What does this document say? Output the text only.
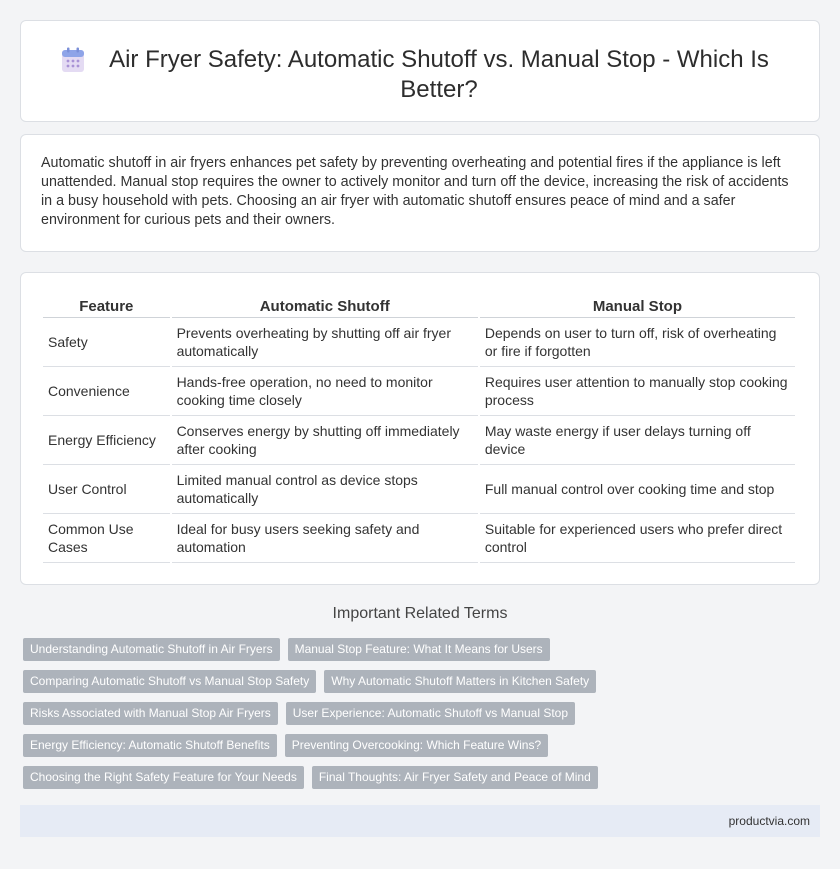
Air Fryer Safety: Automatic Shutoff vs. Manual Stop - Which Is Better?

Automatic shutoff in air fryers enhances pet safety by preventing overheating and potential fires if the appliance is left unattended. Manual stop requires the owner to actively monitor and turn off the device, increasing the risk of accidents in a busy household with pets. Choosing an air fryer with automatic shutoff ensures peace of mind and a safer environment for curious pets and their owners.

Feature	Automatic Shutoff	Manual Stop
Safety	Prevents overheating by shutting off air fryer automatically	Depends on user to turn off, risk of overheating or fire if forgotten
Convenience	Hands-free operation, no need to monitor cooking time closely	Requires user attention to manually stop cooking process
Energy Efficiency	Conserves energy by shutting off immediately after cooking	May waste energy if user delays turning off device
User Control	Limited manual control as device stops automatically	Full manual control over cooking time and stop
Common Use Cases	Ideal for busy users seeking safety and automation	Suitable for experienced users who prefer direct control
Important Related Terms
Understanding Automatic Shutoff in Air Fryers	Manual Stop Feature: What It Means for Users
Comparing Automatic Shutoff vs Manual Stop Safety	Why Automatic Shutoff Matters in Kitchen Safety
Risks Associated with Manual Stop Air Fryers	User Experience: Automatic Shutoff vs Manual Stop
Energy Efficiency: Automatic Shutoff Benefits	Preventing Overcooking: Which Feature Wins?
Choosing the Right Safety Feature for Your Needs	Final Thoughts: Air Fryer Safety and Peace of Mind
productvia.com
